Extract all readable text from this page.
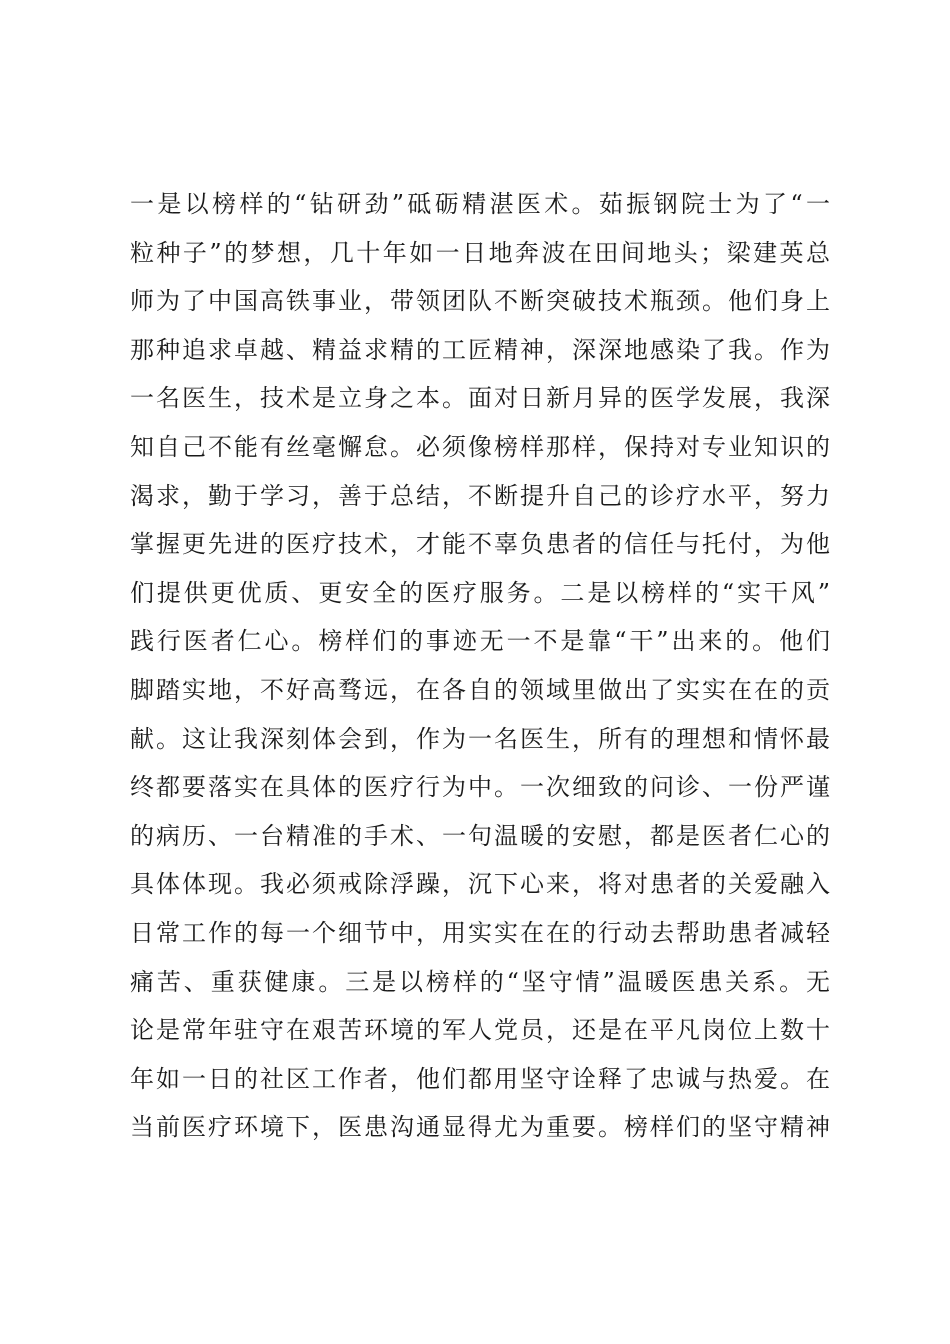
一是以榜样的“钻研劲”砥砺精湛医术。茹振钢院士为了“一
粒种子”的梦想，几十年如一日地奔波在田间地头；梁建英总
师为了中国高铁事业，带领团队不断突破技术瓶颈。他们身上
那种追求卓越、精益求精的工匠精神，深深地感染了我。作为
一名医生，技术是立身之本。面对日新月异的医学发展，我深
知自己不能有丝毫懈怠。必须像榜样那样，保持对专业知识的
渴求，勤于学习，善于总结，不断提升自己的诊疗水平，努力
掌握更先进的医疗技术，才能不辜负患者的信任与托付，为他
们提供更优质、更安全的医疗服务。二是以榜样的“实干风”
践行医者仁心。榜样们的事迹无一不是靠“干”出来的。他们
脚踏实地，不好高骛远，在各自的领域里做出了实实在在的贡
献。这让我深刻体会到，作为一名医生，所有的理想和情怀最
终都要落实在具体的医疗行为中。一次细致的问诊、一份严谨
的病历、一台精准的手术、一句温暖的安慰，都是医者仁心的
具体体现。我必须戒除浮躁，沉下心来，将对患者的关爱融入
日常工作的每一个细节中，用实实在在的行动去帮助患者减轻
痛苦、重获健康。三是以榜样的“坚守情”温暖医患关系。无
论是常年驻守在艰苦环境的军人党员，还是在平凡岗位上数十
年如一日的社区工作者，他们都用坚守诠释了忠诚与热爱。在
当前医疗环境下，医患沟通显得尤为重要。榜样们的坚守精神
